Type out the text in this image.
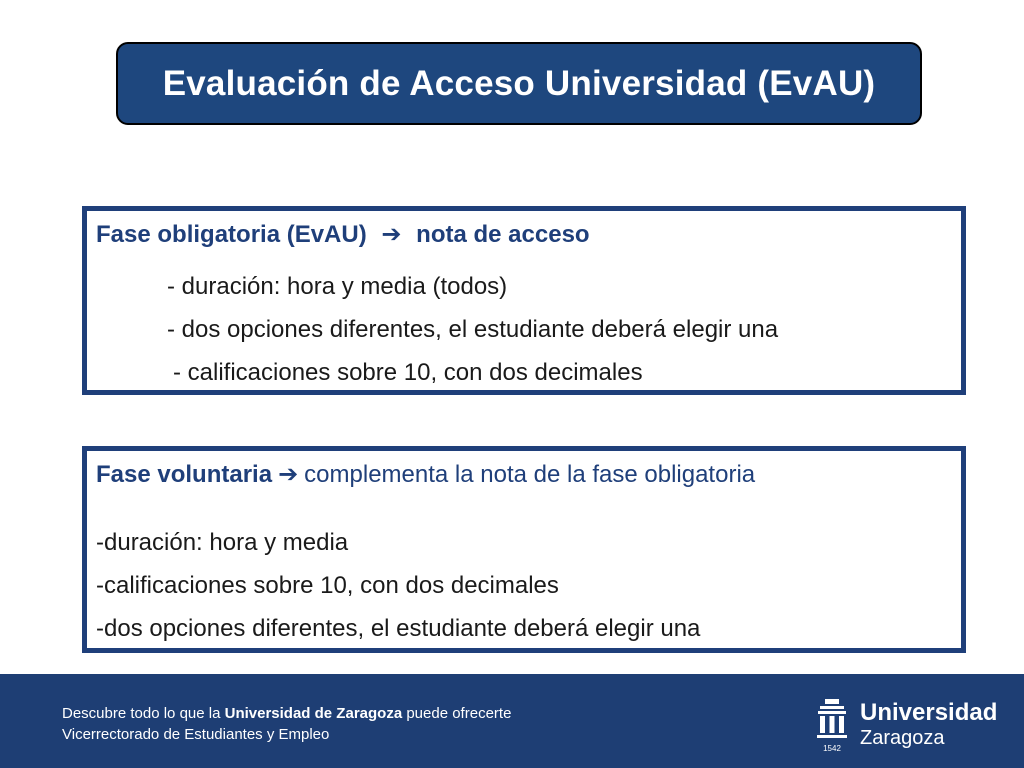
Evaluación de Acceso Universidad (EvAU)
Fase obligatoria (EvAU) ➔ nota de acceso
- duración: hora y media (todos)
- dos opciones diferentes, el estudiante deberá elegir una
- calificaciones sobre 10, con dos decimales
Fase voluntaria ➔ complementa la nota de la fase obligatoria
-duración: hora y media
-calificaciones sobre 10, con dos decimales
-dos opciones diferentes, el estudiante deberá elegir una
Descubre todo lo que la Universidad de Zaragoza puede ofrecerte
Vicerrectorado de Estudiantes y Empleo
1542
Universidad
Zaragoza
